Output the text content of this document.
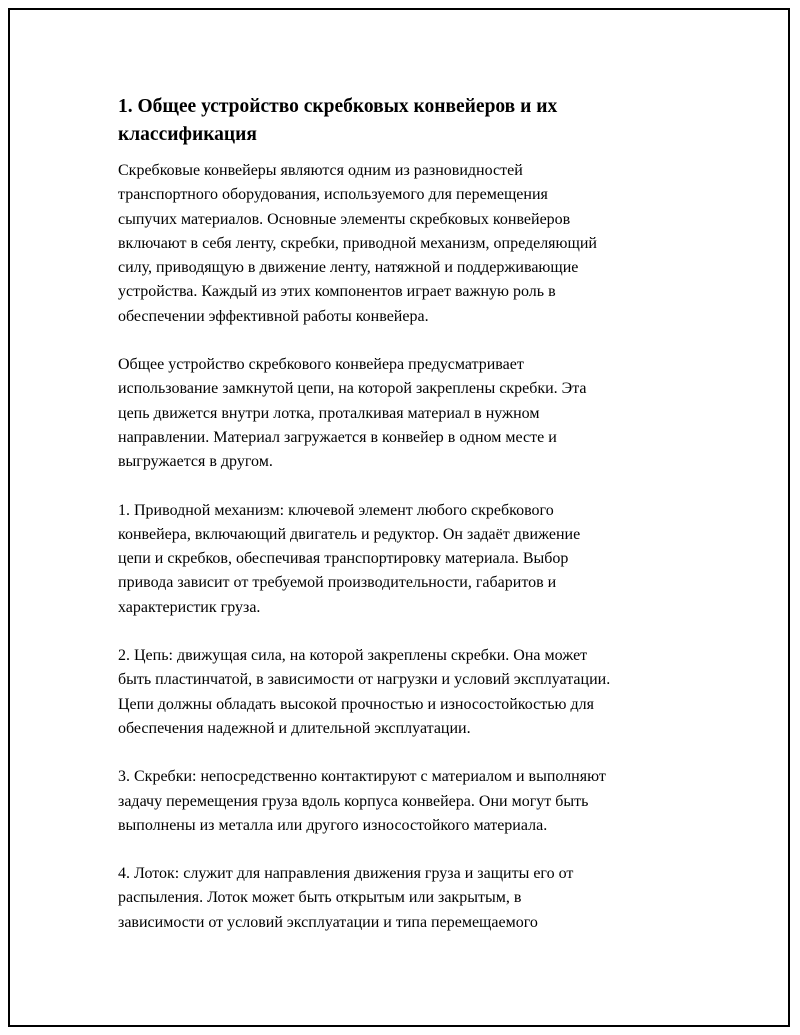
1. Общее устройство скребковых конвейеров и их классификация

Скребковые конвейеры являются одним из разновидностей
транспортного оборудования, используемого для перемещения
сыпучих материалов. Основные элементы скребковых конвейеров
включают в себя ленту, скребки, приводной механизм, определяющий
силу, приводящую в движение ленту, натяжной и поддерживающие
устройства. Каждый из этих компонентов играет важную роль в
обеспечении эффективной работы конвейера.

Общее устройство скребкового конвейера предусматривает
использование замкнутой цепи, на которой закреплены скребки. Эта
цепь движется внутри лотка, проталкивая материал в нужном
направлении. Материал загружается в конвейер в одном месте и
выгружается в другом.

1. Приводной механизм: ключевой элемент любого скребкового
конвейера, включающий двигатель и редуктор. Он задаёт движение
цепи и скребков, обеспечивая транспортировку материала. Выбор
привода зависит от требуемой производительности, габаритов и
характеристик груза.

2. Цепь: движущая сила, на которой закреплены скребки. Она может
быть пластинчатой, в зависимости от нагрузки и условий эксплуатации.
Цепи должны обладать высокой прочностью и износостойкостью для
обеспечения надежной и длительной эксплуатации.

3. Скребки: непосредственно контактируют с материалом и выполняют
задачу перемещения груза вдоль корпуса конвейера. Они могут быть
выполнены из металла или другого износостойкого материала.

4. Лоток: служит для направления движения груза и защиты его от
распыления. Лоток может быть открытым или закрытым, в
зависимости от условий эксплуатации и типа перемещаемого
